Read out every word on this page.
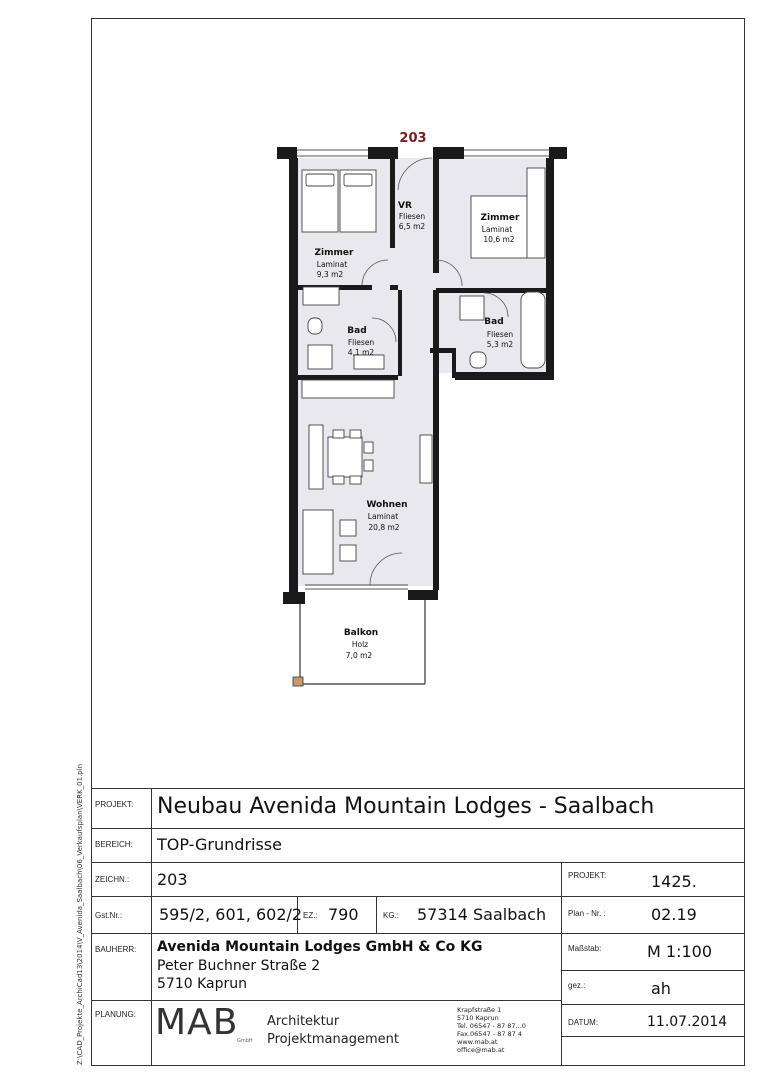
Z:\CAD_Projekte_ArchiCad13\2014\V_Avenida_Saalbach\06_Verkaufsplan\VERK_01.pln
203
VR
Fliesen
6,5 m2
Zimmer
Laminat
9,3 m2
Zimmer
Laminat
10,6 m2
Bad
Fliesen
4,1 m2
Bad
Fliesen
5,3 m2
Wohnen
Laminat
20,8 m2
Balkon
Holz
7,0 m2
PROJEKT: Neubau Avenida Mountain Lodges - Saalbach
BEREICH: TOP-Grundrisse
ZEICHN.: 203
Gst.Nr.: 595/2, 601, 602/2 EZ.: 790	KG.: 57314 Saalbach
BAUHERR: Avenida Mountain Lodges GmbH & Co KG
Peter Buchner Straße 2
5710 Kaprun
PLANUNG: MAB
GmbH
Architektur
Projektmanagement
Krapfstraße 1
5710 Kaprun
Tel. 06547 - 87 87...0
Fax.06547 - 87 87 4
www.mab.at
office@mab.at
PROJEKT:	1425.
Plan - Nr. :	02.19
Maßstab:	M 1:100
gez.:	ah
DATUM:	11.07.2014
